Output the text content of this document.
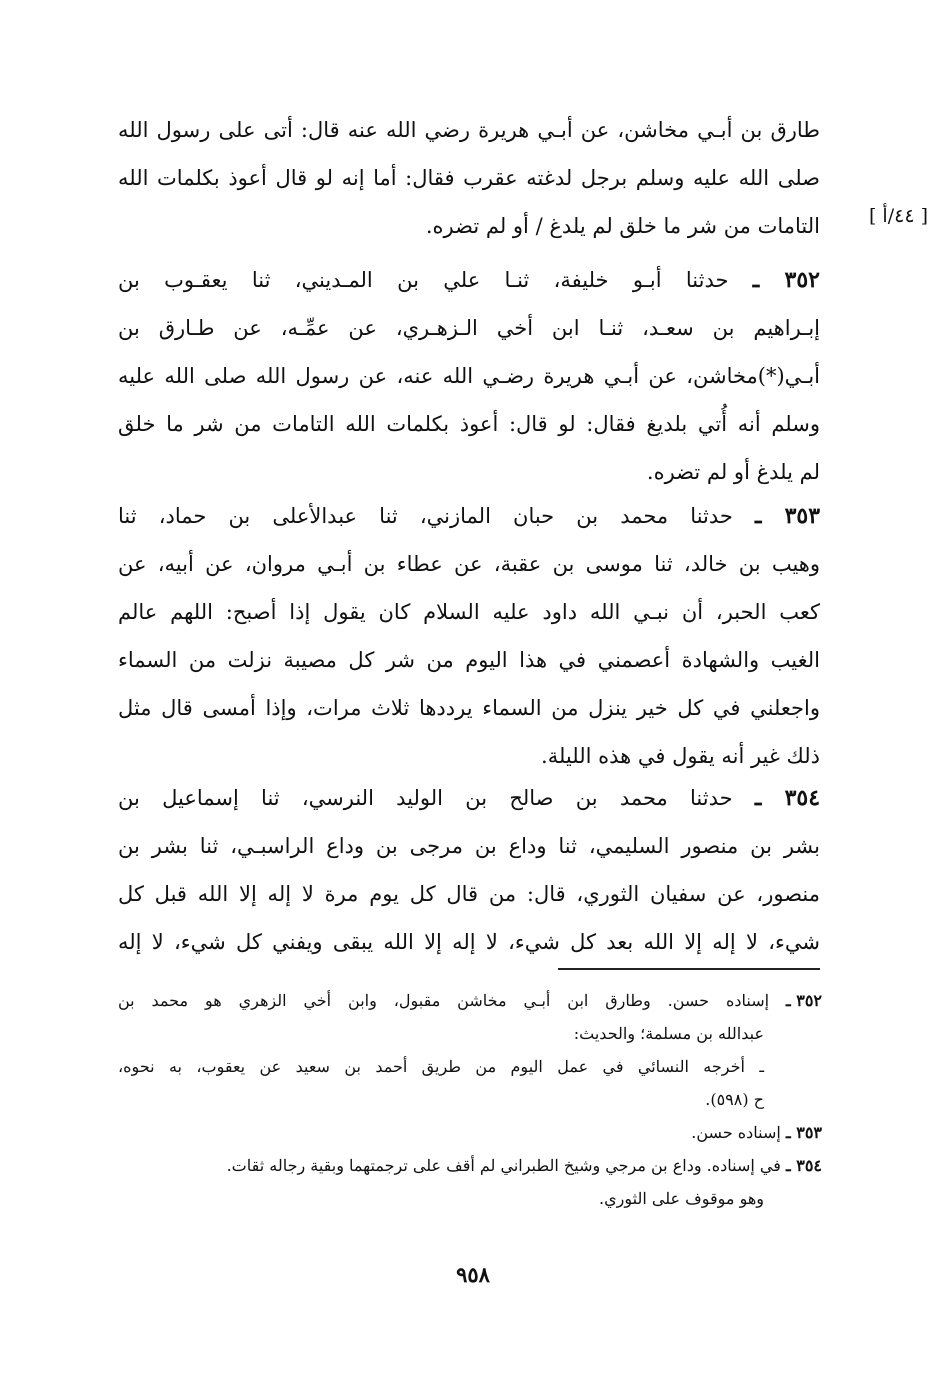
[ ٤٤/أ ]
طارق بن أبـي مخاشن، عن أبـي هريرة رضي الله عنه قال: أتى على رسول الله
صلى الله عليه وسلم برجل لدغته عقرب فقال: أما إنه لو قال أعوذ بكلمات الله
التامات من شر ما خلق لم يلدغ / أو لم تضره.
٣٥٢ ـ حدثنا أبـو خليفة، ثنـا علي بن المـديني، ثنا يعقـوب بن
إبـراهيم بن سعـد، ثنـا ابن أخي الـزهـري، عن عمِّـه، عن طـارق بن
أبـي(*)مخاشن، عن أبـي هريرة رضـي الله عنه، عن رسول الله صلى الله عليه
وسلم أنه أُتي بلديغ فقال: لو قال: أعوذ بكلمات الله التامات من شر ما خلق
لم يلدغ أو لم تضره.
٣٥٣ ـ حدثنا محمد بن حبان المازني، ثنا عبدالأعلى بن حماد، ثنا
وهيب بن خالد، ثنا موسى بن عقبة، عن عطاء بن أبـي مروان، عن أبيه، عن
كعب الحبر، أن نبـي الله داود عليه السلام كان يقول إذا أصبح: اللهم عالم
الغيب والشهادة أعصمني في هذا اليوم من شر كل مصيبة نزلت من السماء
واجعلني في كل خير ينزل من السماء يرددها ثلاث مرات، وإذا أمسى قال مثل
ذلك غير أنه يقول في هذه الليلة.
٣٥٤ ـ حدثنا محمد بن صالح بن الوليد النرسي، ثنا إسماعيل بن
بشر بن منصور السليمي، ثنا وداع بن مرجى بن وداع الراسبـي، ثنا بشر بن
منصور، عن سفيان الثوري، قال: من قال كل يوم مرة لا إله إلا الله قبل كل
شيء، لا إله إلا الله بعد كل شيء، لا إله إلا الله يبقى ويفني كل شيء، لا إله
٣٥٢ ـ إسناده حسن. وطارق ابن أبـي مخاشن مقبول، وابن أخي الزهري هو محمد بن
عبدالله بن مسلمة؛ والحديث:
ـ أخرجه النسائي في عمل اليوم من طريق أحمد بن سعيد عن يعقوب، به نحوه،
ح (٥٩٨).
٣٥٣ ـ إسناده حسن.
٣٥٤ ـ في إسناده. وداع بن مرجي وشيخ الطبراني لم أقف على ترجمتهما وبقية رجاله ثقات.
وهو موقوف على الثوري.
٩٥٨
